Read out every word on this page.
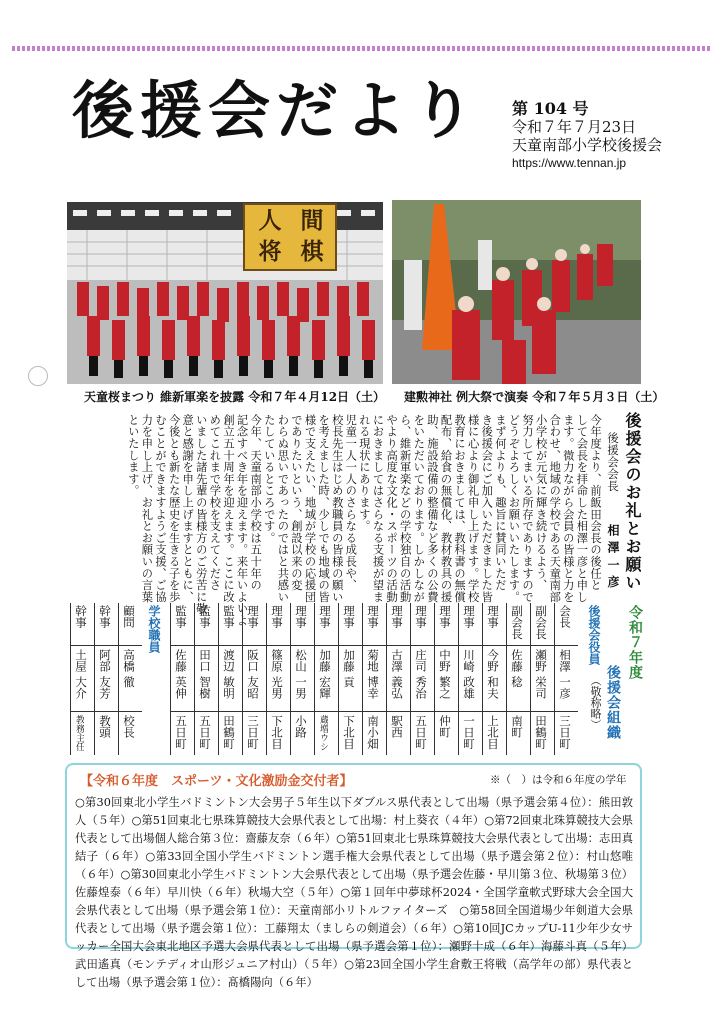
後援会だより 第 104 号
令和７年７月23日
天童南部小学校後援会
https://www.tennan.jp
人 間
将 棋
天童桜まつり 維新軍楽を披露 令和７年４月12日（土） 建勲神社 例大祭で演奏 令和７年５月３日（土）
後援会のお礼とお願い
後援会会長
相 澤 一 彦
今年度より、前飯田会長の後任と
して会長を拝命した相澤一彦と申し
ます。微力ながら会員の皆様と力を
合わせ、地域の学校である天童南部
小学校が元気に輝き続けるよう、
努力してまいる所存でありますので
どうぞよろしくお願いいたします。
まず何よりも、趣旨に賛同いただ
き後援会にご加入いただきました皆
様に心より御礼申し上げます。学校
教育におきましては、教科書の無償
配布、給食の無償化、教材教具の援
助、施設設備の整備など多くの公費
をいただいております。しかしなが
ら、維新軍楽などの学校独自の活動
やより高度な文化・スポーツの活動
におきましてはさらなる支援が望ま
れる現状にあります。
児童一人一人のさらなる成長や、
校長先生はじめ教職員の皆様の願い
を考えました時、少しでも地域の皆
様で支えたい、地域が学校の応援団
でありたいという、創設以来の変
わらぬ思いであったのではと共感い
たしているところです。
今年、天童南部小学校は五十年の
記念すべき年を迎えます。来年いよいよ
創立五十周年を迎えます。ここに改
めてこれまで学校を支えてくださ
いました諸先輩の皆様方のご労苦に敬
意と感謝を申し上げますとともに、
今後とも新たな歴史を生きる子を歩
むことができますようご支援、ご協
力を申し上げ、お礼とお願いの言葉
といたします。
令和７年度
後援会組織
後援会役員
（敬称略）
会長
相澤 一彦
三日町
副会長
瀬野 栄司
田鶴町
副会長
佐藤 稔
南町
理事
今野 和夫
上北目
理事
川崎 政雄
一日町
理事
中野 繁之
仲町
理事
庄司 秀治
五日町
理事
古澤 義弘
駅西
理事
菊地 博幸
南小畑
理事
加藤 貢
下北目
理事
加藤 宏輝
蔵増ウシ
理事
松山 一男
小路
理事
篠原 光男
下北目
理事
阪口 友昭
三日町
監事
渡辺 敏明
田鶴町
監事
田口 智樹
五日町
監事
佐藤 英伸
五日町
学校職員
顧問
高橋 徹
校長
幹事
阿部 友芳
教頭
幹事
土屋 大介
教務主任
【令和６年度　スポーツ・文化激励金交付者】	※（　）は令和６年度の学年
○第30回東北小学生バドミントン大会男子５年生以下ダブルス県代表として出場（県予選会第４位）：熊田敦人（５年）○第51回東北七県珠算競技大会県代表として出場：村上葵衣（４年）○第72回東北珠算競技大会県代表として出場個人総合第３位：齋藤友奈（６年）○第51回東北七県珠算競技大会県代表として出場：志田真結子（６年）○第33回全国小学生バドミントン選手権大会県代表として出場（県予選会第２位）：村山悠唯（６年）○第30回東北小学生バドミントン大会県代表として出場（県予選会佐藤・早川第３位、秋場第３位）佐藤煌泰（６年）早川快（６年）秋場大空（５年）○第１回年中夢球杯2024・全国学童軟式野球大会全国大会県代表として出場（県予選会第１位）：天童南部小リトルファイターズ　○第58回全国道場少年剣道大会県代表として出場（県予選会第１位）：工藤翔太（ましらの剣道会）（６年）○第10回JCカップU-11少年少女サッカー全国大会東北地区予選大会県代表として出場（県予選会第１位）：瀬野十成（６年）海藤斗真（５年）武田遙真（モンテディオ山形ジュニア村山）（５年）○第23回全国小学生倉敷王将戦（高学年の部）県代表として出場（県予選会第１位）：髙橋陽向（６年）
